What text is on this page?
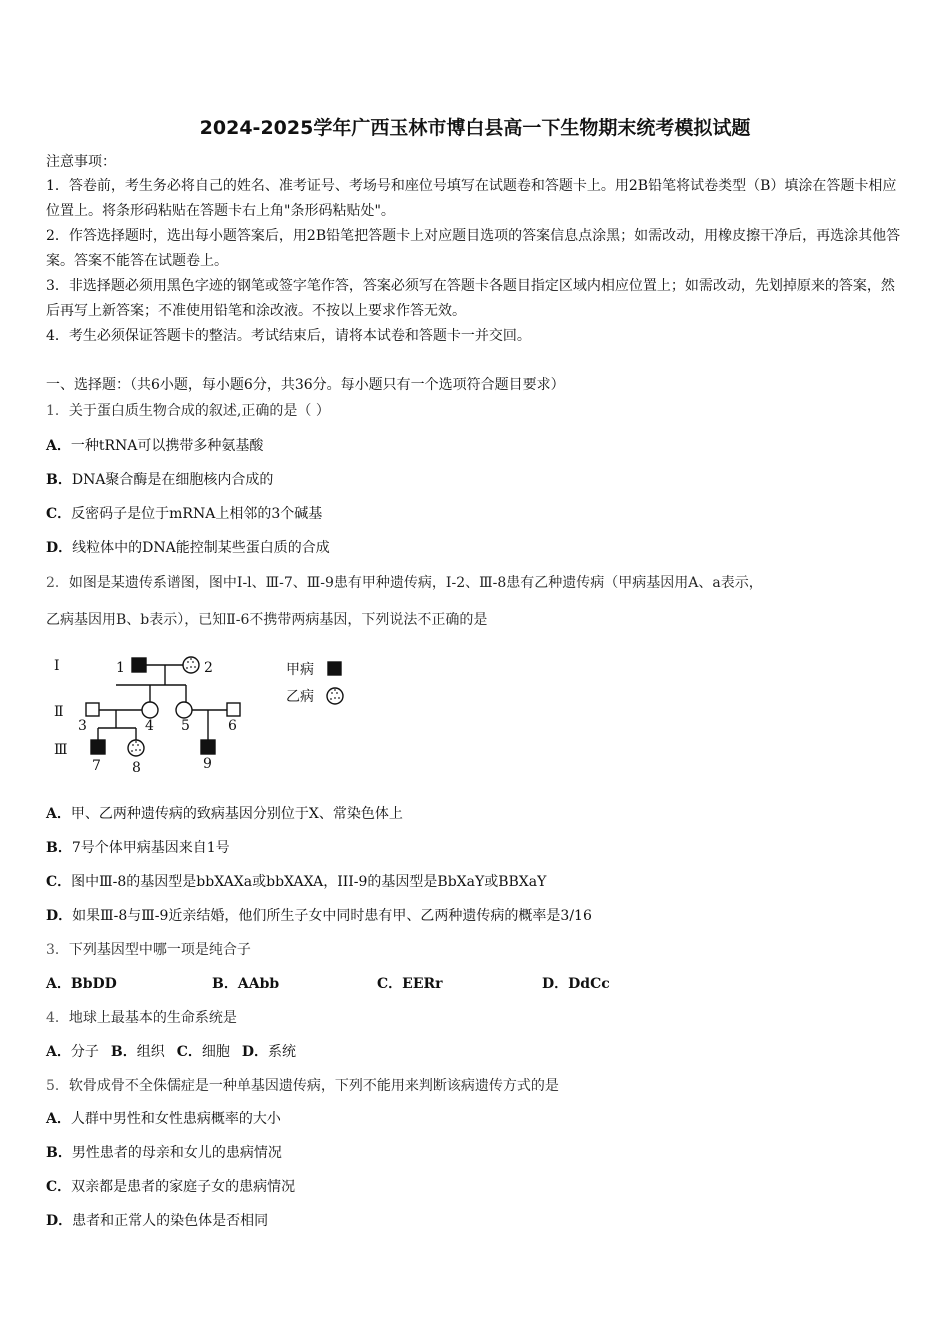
2024-2025学年广西玉林市博白县高一下生物期末统考模拟试题
注意事项：
1．答卷前，考生务必将自己的姓名、准考证号、考场号和座位号填写在试题卷和答题卡上。用2B铅笔将试卷类型（B）填涂在答题卡相应位置上。将条形码粘贴在答题卡右上角"条形码粘贴处"。
2．作答选择题时，选出每小题答案后，用2B铅笔把答题卡上对应题目选项的答案信息点涂黑；如需改动，用橡皮擦干净后，再选涂其他答案。答案不能答在试题卷上。
3．非选择题必须用黑色字迹的钢笔或签字笔作答，答案必须写在答题卡各题目指定区域内相应位置上；如需改动，先划掉原来的答案，然后再写上新答案；不准使用铅笔和涂改液。不按以上要求作答无效。
4．考生必须保证答题卡的整洁。考试结束后，请将本试卷和答题卡一并交回。
一、选择题：（共6小题，每小题6分，共36分。每小题只有一个选项符合题目要求）
1．关于蛋白质生物合成的叙述,正确的是（ ）
A．一种tRNA可以携带多种氨基酸
B．DNA聚合酶是在细胞核内合成的
C．反密码子是位于mRNA上相邻的3个碱基
D．线粒体中的DNA能控制某些蛋白质的合成
2．如图是某遗传系谱图，图中Ⅰ-l、Ⅲ-7、Ⅲ-9患有甲种遗传病，Ⅰ-2、Ⅲ-8患有乙种遗传病（甲病基因用A、a表示，
乙病基因用B、b表示），已知Ⅱ-6不携带两病基因，下列说法不正确的是
Ⅰ
Ⅱ
Ⅲ
1	2
3	4 5	6
7 8	9
甲病
乙病
A．甲、乙两种遗传病的致病基因分别位于X、常染色体上
B．7号个体甲病基因来自1号
C．图中Ⅲ-8的基因型是bbXAXa或bbXAXA，III-9的基因型是BbXaY或BBXaY
D．如果Ⅲ-8与Ⅲ-9近亲结婚，他们所生子女中同时患有甲、乙两种遗传病的概率是3/16
3．下列基因型中哪一项是纯合子
A．BbDD	B．AAbb	C．EERr	D．DdCc
4．地球上最基本的生命系统是
A．分子 B．组织 C．细胞 D．系统
5．软骨成骨不全侏儒症是一种单基因遗传病，下列不能用来判断该病遗传方式的是
A．人群中男性和女性患病概率的大小
B．男性患者的母亲和女儿的患病情况
C．双亲都是患者的家庭子女的患病情况
D．患者和正常人的染色体是否相同
